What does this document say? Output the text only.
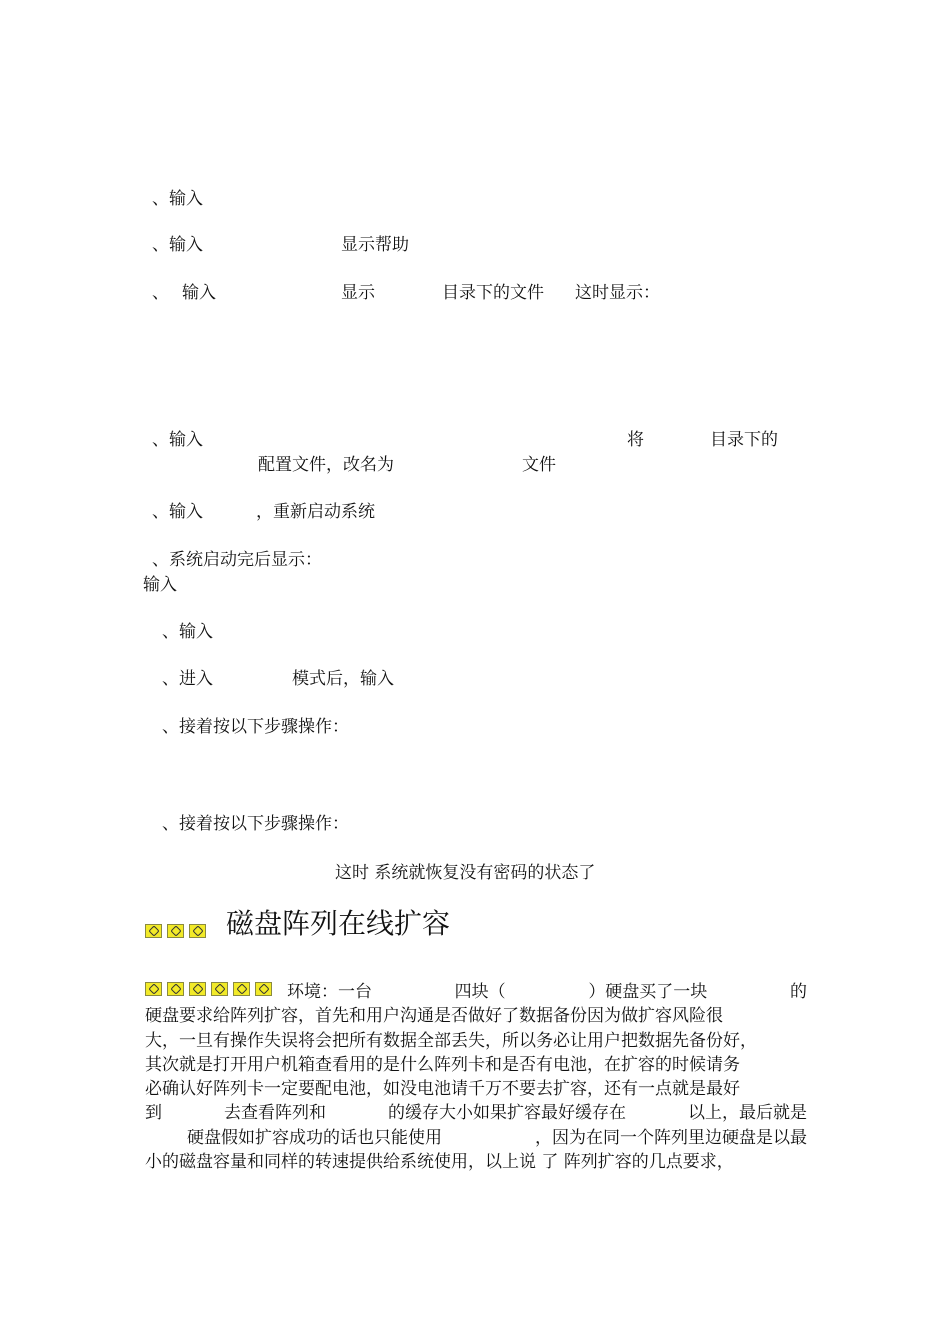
、输入
、输入	显示帮助
、 输入	显示	目录下的文件 这时显示：
、输入	将	目录下的
配置文件，改名为	文件
、输入	，重新启动系统
、系统启动完后显示：
输入
、输入
、进入	模式后，输入
、接着按以下步骤操作：
、接着按以下步骤操作：
这时 系统就恢复没有密码的状态了
磁盘阵列在线扩容
环境：一台	四块（	）硬盘买了一块	的
硬盘要求给阵列扩容，首先和用户沟通是否做好了数据备份因为做扩容风险很
大，一旦有操作失误将会把所有数据全部丢失，所以务必让用户把数据先备份好，
其次就是打开用户机箱查看用的是什么阵列卡和是否有电池，在扩容的时候请务
必确认好阵列卡一定要配电池，如没电池请千万不要去扩容，还有一点就是最好
到	去查看阵列和	的缓存大小如果扩容最好缓存在	以上，最后就是
硬盘假如扩容成功的话也只能使用	，因为在同一个阵列里边硬盘是以最
小的磁盘容量和同样的转速提供给系统使用，以上说 了 阵列扩容的几点要求，
